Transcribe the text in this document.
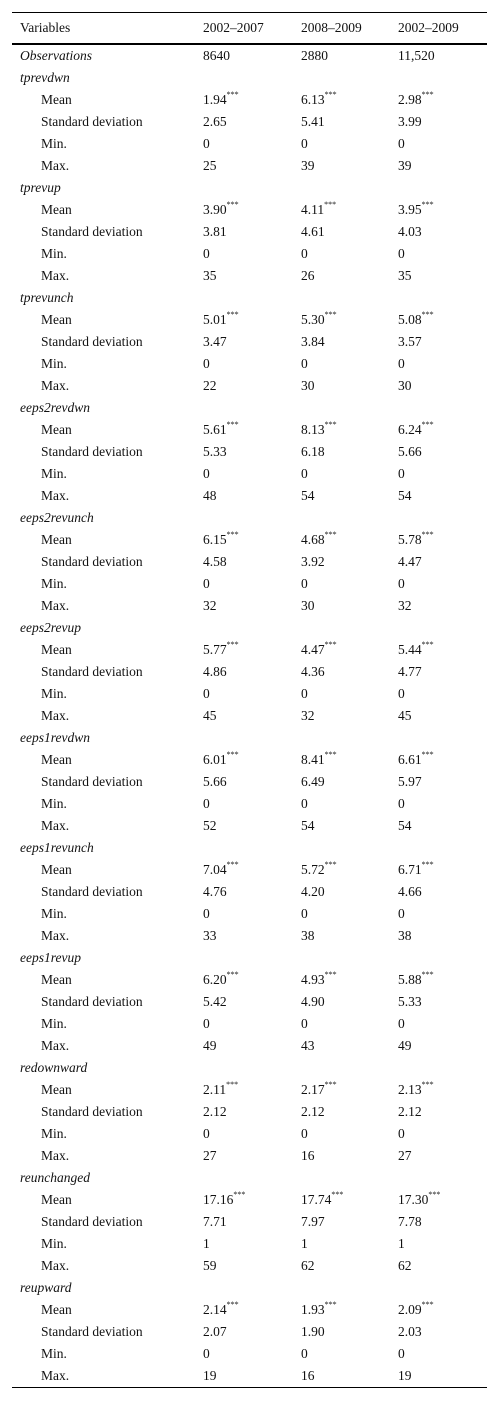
Variables	2002–2007	2008–2009	2002–2009
Observations	8640	2880	11,520
tprevdwn
Mean	1.94***	6.13***	2.98***
Standard deviation	2.65	5.41	3.99
Min.	0	0	0
Max.	25	39	39
tprevup
Mean	3.90***	4.11***	3.95***
Standard deviation	3.81	4.61	4.03
Min.	0	0	0
Max.	35	26	35
tprevunch
Mean	5.01***	5.30***	5.08***
Standard deviation	3.47	3.84	3.57
Min.	0	0	0
Max.	22	30	30
eeps2revdwn
Mean	5.61***	8.13***	6.24***
Standard deviation	5.33	6.18	5.66
Min.	0	0	0
Max.	48	54	54
eeps2revunch
Mean	6.15***	4.68***	5.78***
Standard deviation	4.58	3.92	4.47
Min.	0	0	0
Max.	32	30	32
eeps2revup
Mean	5.77***	4.47***	5.44***
Standard deviation	4.86	4.36	4.77
Min.	0	0	0
Max.	45	32	45
eeps1revdwn
Mean	6.01***	8.41***	6.61***
Standard deviation	5.66	6.49	5.97
Min.	0	0	0
Max.	52	54	54
eeps1revunch
Mean	7.04***	5.72***	6.71***
Standard deviation	4.76	4.20	4.66
Min.	0	0	0
Max.	33	38	38
eeps1revup
Mean	6.20***	4.93***	5.88***
Standard deviation	5.42	4.90	5.33
Min.	0	0	0
Max.	49	43	49
redownward
Mean	2.11***	2.17***	2.13***
Standard deviation	2.12	2.12	2.12
Min.	0	0	0
Max.	27	16	27
reunchanged
Mean	17.16***	17.74***	17.30***
Standard deviation	7.71	7.97	7.78
Min.	1	1	1
Max.	59	62	62
reupward
Mean	2.14***	1.93***	2.09***
Standard deviation	2.07	1.90	2.03
Min.	0	0	0
Max.	19	16	19
